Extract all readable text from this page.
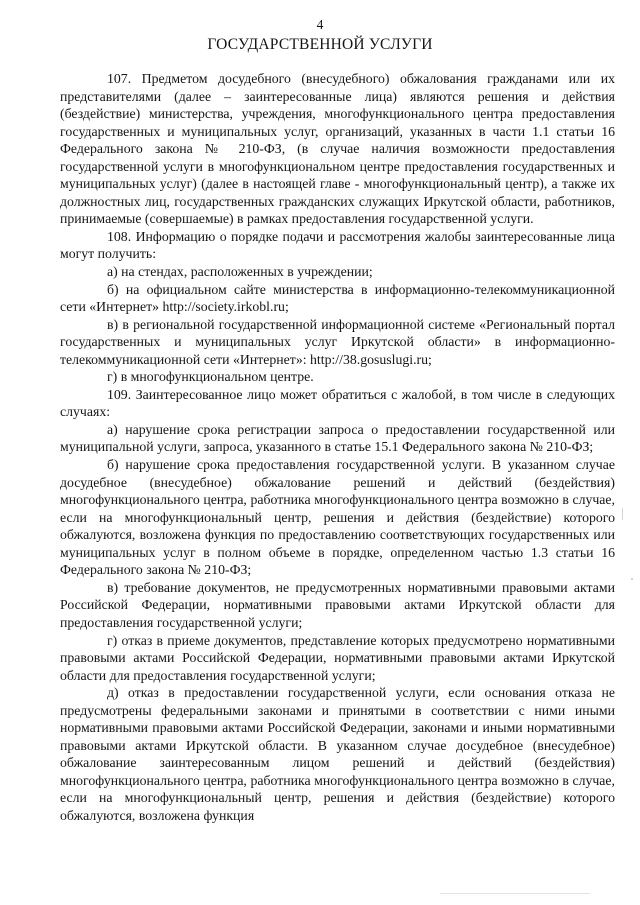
4
ГОСУДАРСТВЕННОЙ УСЛУГИ

107. Предметом досудебного (внесудебного) обжалования гражданами или их представителями (далее – заинтересованные лица) являются решения и действия (бездействие) министерства, учреждения, многофункционального центра предоставления государственных и муниципальных услуг, организаций, указанных в части 1.1 статьи 16 Федерального закона № 210-ФЗ, (в случае наличия возможности предоставления государственной услуги в многофункциональном центре предоставления государственных и муниципальных услуг) (далее в настоящей главе - многофункциональный центр), а также их должностных лиц, государственных гражданских служащих Иркутской области, работников, принимаемые (совершаемые) в рамках предоставления государственной услуги.

108. Информацию о порядке подачи и рассмотрения жалобы заинтересованные лица могут получить:

а) на стендах, расположенных в учреждении;

б) на официальном сайте министерства в информационно-телекоммуникационной сети «Интернет» http://society.irkobl.ru;

в) в региональной государственной информационной системе «Региональный портал государственных и муниципальных услуг Иркутской области» в информационно-телекоммуникационной сети «Интернет»: http://38.gosuslugi.ru;

г) в многофункциональном центре.

109. Заинтересованное лицо может обратиться с жалобой, в том числе в следующих случаях:

а) нарушение срока регистрации запроса о предоставлении государственной или муниципальной услуги, запроса, указанного в статье 15.1 Федерального закона № 210-ФЗ;

б) нарушение срока предоставления государственной услуги. В указанном случае досудебное (внесудебное) обжалование решений и действий (бездействия) многофункционального центра, работника многофункционального центра возможно в случае, если на многофункциональный центр, решения и действия (бездействие) которого обжалуются, возложена функция по предоставлению соответствующих государственных или муниципальных услуг в полном объеме в порядке, определенном частью 1.3 статьи 16 Федерального закона № 210-ФЗ;

в) требование документов, не предусмотренных нормативными правовыми актами Российской Федерации, нормативными правовыми актами Иркутской области для предоставления государственной услуги;

г) отказ в приеме документов, представление которых предусмотрено нормативными правовыми актами Российской Федерации, нормативными правовыми актами Иркутской области для предоставления государственной услуги;

д) отказ в предоставлении государственной услуги, если основания отказа не предусмотрены федеральными законами и принятыми в соответствии с ними иными нормативными правовыми актами Российской Федерации, законами и иными нормативными правовыми актами Иркутской области. В указанном случае досудебное (внесудебное) обжалование заинтересованным лицом решений и действий (бездействия) многофункционального центра, работника многофункционального центра возможно в случае, если на многофункциональный центр, решения и действия (бездействие) которого обжалуются, возложена функция
